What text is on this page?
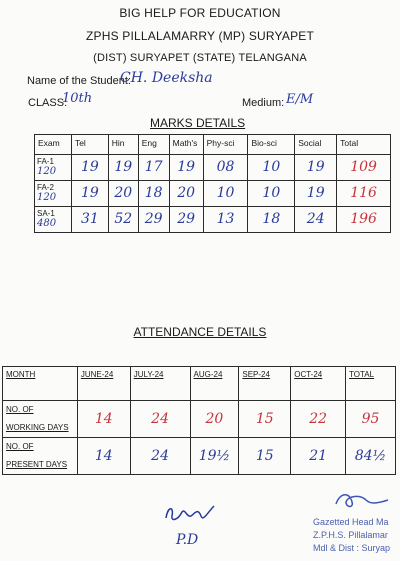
BIG HELP FOR EDUCATION
ZPHS PILLALAMARRY (MP) SURYAPET
(DIST) SURYAPET (STATE) TELANGANA
Name of the Student:
CH. Deeksha
CLASS:
10th	Medium: E/M
MARKS DETAILS
Exam	Tel	Hin	Eng	Math's	Phy-sci	Bio-sci	Social	Total
FA-1
120	19	19	17	19	08	10	19	109

FA-2
120	19	20	18	20	10	10	19	116

SA-1
480	31	52	29	29	13	18	24	196
ATTENDANCE DETAILS
MONTH	JUNE-24	JULY-24	AUG-24	SEP-24	OCT-24	TOTAL

NO. OF
WORKING DAYS	14	24	20	15	22	95

NO. OF
PRESENT DAYS	14	24	19½	15	21	84½
P.D
Gazetted Head Ma
Z.P.H.S. Pillalamar
Mdl & Dist : Suryap
